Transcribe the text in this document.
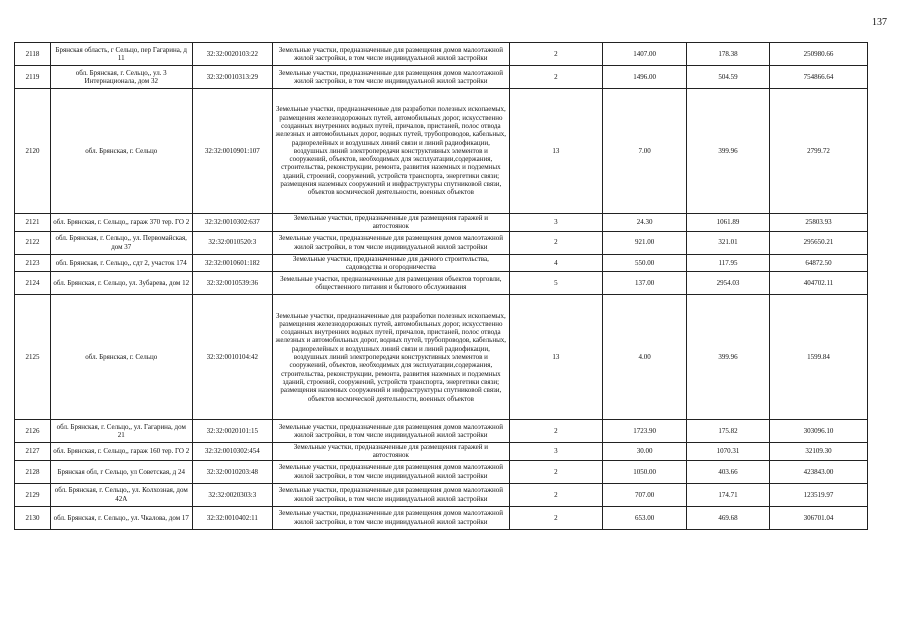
137
2118	Брянская область, г Сельцо, пер Гагарина, д 11	32:32:0020103:22	Земельные участки, предназначенные для размещения домов малоэтажной жилой застройки, в том числе индивидуальной жилой застройки	2	1407.00	178.38	250980.66
2119	обл. Брянская, г. Сельцо,, ул. 3 Интернационала, дом 32	32:32:0010313:29	Земельные участки, предназначенные для размещения домов малоэтажной жилой застройки, в том числе индивидуальной жилой застройки	2	1496.00	504.59	754866.64
2120	обл. Брянская, г. Сельцо	32:32:0010901:107	Земельные участки, предназначенные для разработки полезных ископаемых, размещения железнодорожных путей, автомобильных дорог, искусственно созданных внутренних водных путей, причалов, пристаней, полос отвода железных и автомобильных дорог, водных путей, трубопроводов, кабельных, радиорелейных и воздушных линий связи и линий радиофикации, воздушных линий электропередачи конструктивных элементов и сооружений, объектов, необходимых для эксплуатации,содержания, строительства, реконструкции, ремонта, развития наземных и подземных зданий, строений, сооружений, устройств транспорта, энергетики связи; размещения наземных сооружений и инфраструктуры спутниковой связи, объектов космической деятельности, военных объектов	13	7.00	399.96	2799.72
2121	обл. Брянская, г. Сельцо,, гараж 370 тер. ГО 2	32:32:0010302:637	Земельные участки, предназначенные для размещения гаражей и автостоянок	3	24.30	1061.89	25803.93
2122	обл. Брянская, г. Сельцо,, ул. Первомайская, дом 37	32:32:0010520:3	Земельные участки, предназначенные для размещения домов малоэтажной жилой застройки, в том числе индивидуальной жилой застройки	2	921.00	321.01	295650.21
2123	обл. Брянская, г. Сельцо,, сдт 2, участок 174	32:32:0010601:182	Земельные участки, предназначенные для дачного строительства, садоводства и огородничества	4	550.00	117.95	64872.50
2124	обл. Брянская, г. Сельцо, ул. Зубарева, дом 12	32:32:0010539:36	Земельные участки, предназначенные для размещения объектов торговли, общественного питания и бытового обслуживания	5	137.00	2954.03	404702.11
2125	обл. Брянская, г. Сельцо	32:32:0010104:42	Земельные участки, предназначенные для разработки полезных ископаемых, размещения железнодорожных путей, автомобильных дорог, искусственно созданных внутренних водных путей, причалов, пристаней, полос отвода железных и автомобильных дорог, водных путей, трубопроводов, кабельных, радиорелейных и воздушных линий связи и линий радиофикации, воздушных линий электропередачи конструктивных элементов и сооружений, объектов, необходимых для эксплуатации,содержания, строительства, реконструкции, ремонта, развития наземных и подземных зданий, строений, сооружений, устройств транспорта, энергетики связи; размещения наземных сооружений и инфраструктуры спутниковой связи, объектов космической деятельности, военных объектов	13	4.00	399.96	1599.84
2126	обл. Брянская, г. Сельцо,, ул. Гагарина, дом 21	32:32:0020101:15	Земельные участки, предназначенные для размещения домов малоэтажной жилой застройки, в том числе индивидуальной жилой застройки	2	1723.90	175.82	303096.10
2127	обл. Брянская, г. Сельцо,, гараж 160 тер. ГО 2	32:32:0010302:454	Земельные участки, предназначенные для размещения гаражей и автостоянок	3	30.00	1070.31	32109.30
2128	Брянская обл, г Сельцо, ул Советская, д 24	32:32:0010203:48	Земельные участки, предназначенные для размещения домов малоэтажной жилой застройки, в том числе индивидуальной жилой застройки	2	1050.00	403.66	423843.00
2129	обл. Брянская, г. Сельцо,, ул. Колхозная, дом 42А	32:32:0020303:3	Земельные участки, предназначенные для размещения домов малоэтажной жилой застройки, в том числе индивидуальной жилой застройки	2	707.00	174.71	123519.97
2130	обл. Брянская, г. Сельцо,, ул. Чкалова, дом 17	32:32:0010402:11	Земельные участки, предназначенные для размещения домов малоэтажной жилой застройки, в том числе индивидуальной жилой застройки	2	653.00	469.68	306701.04
